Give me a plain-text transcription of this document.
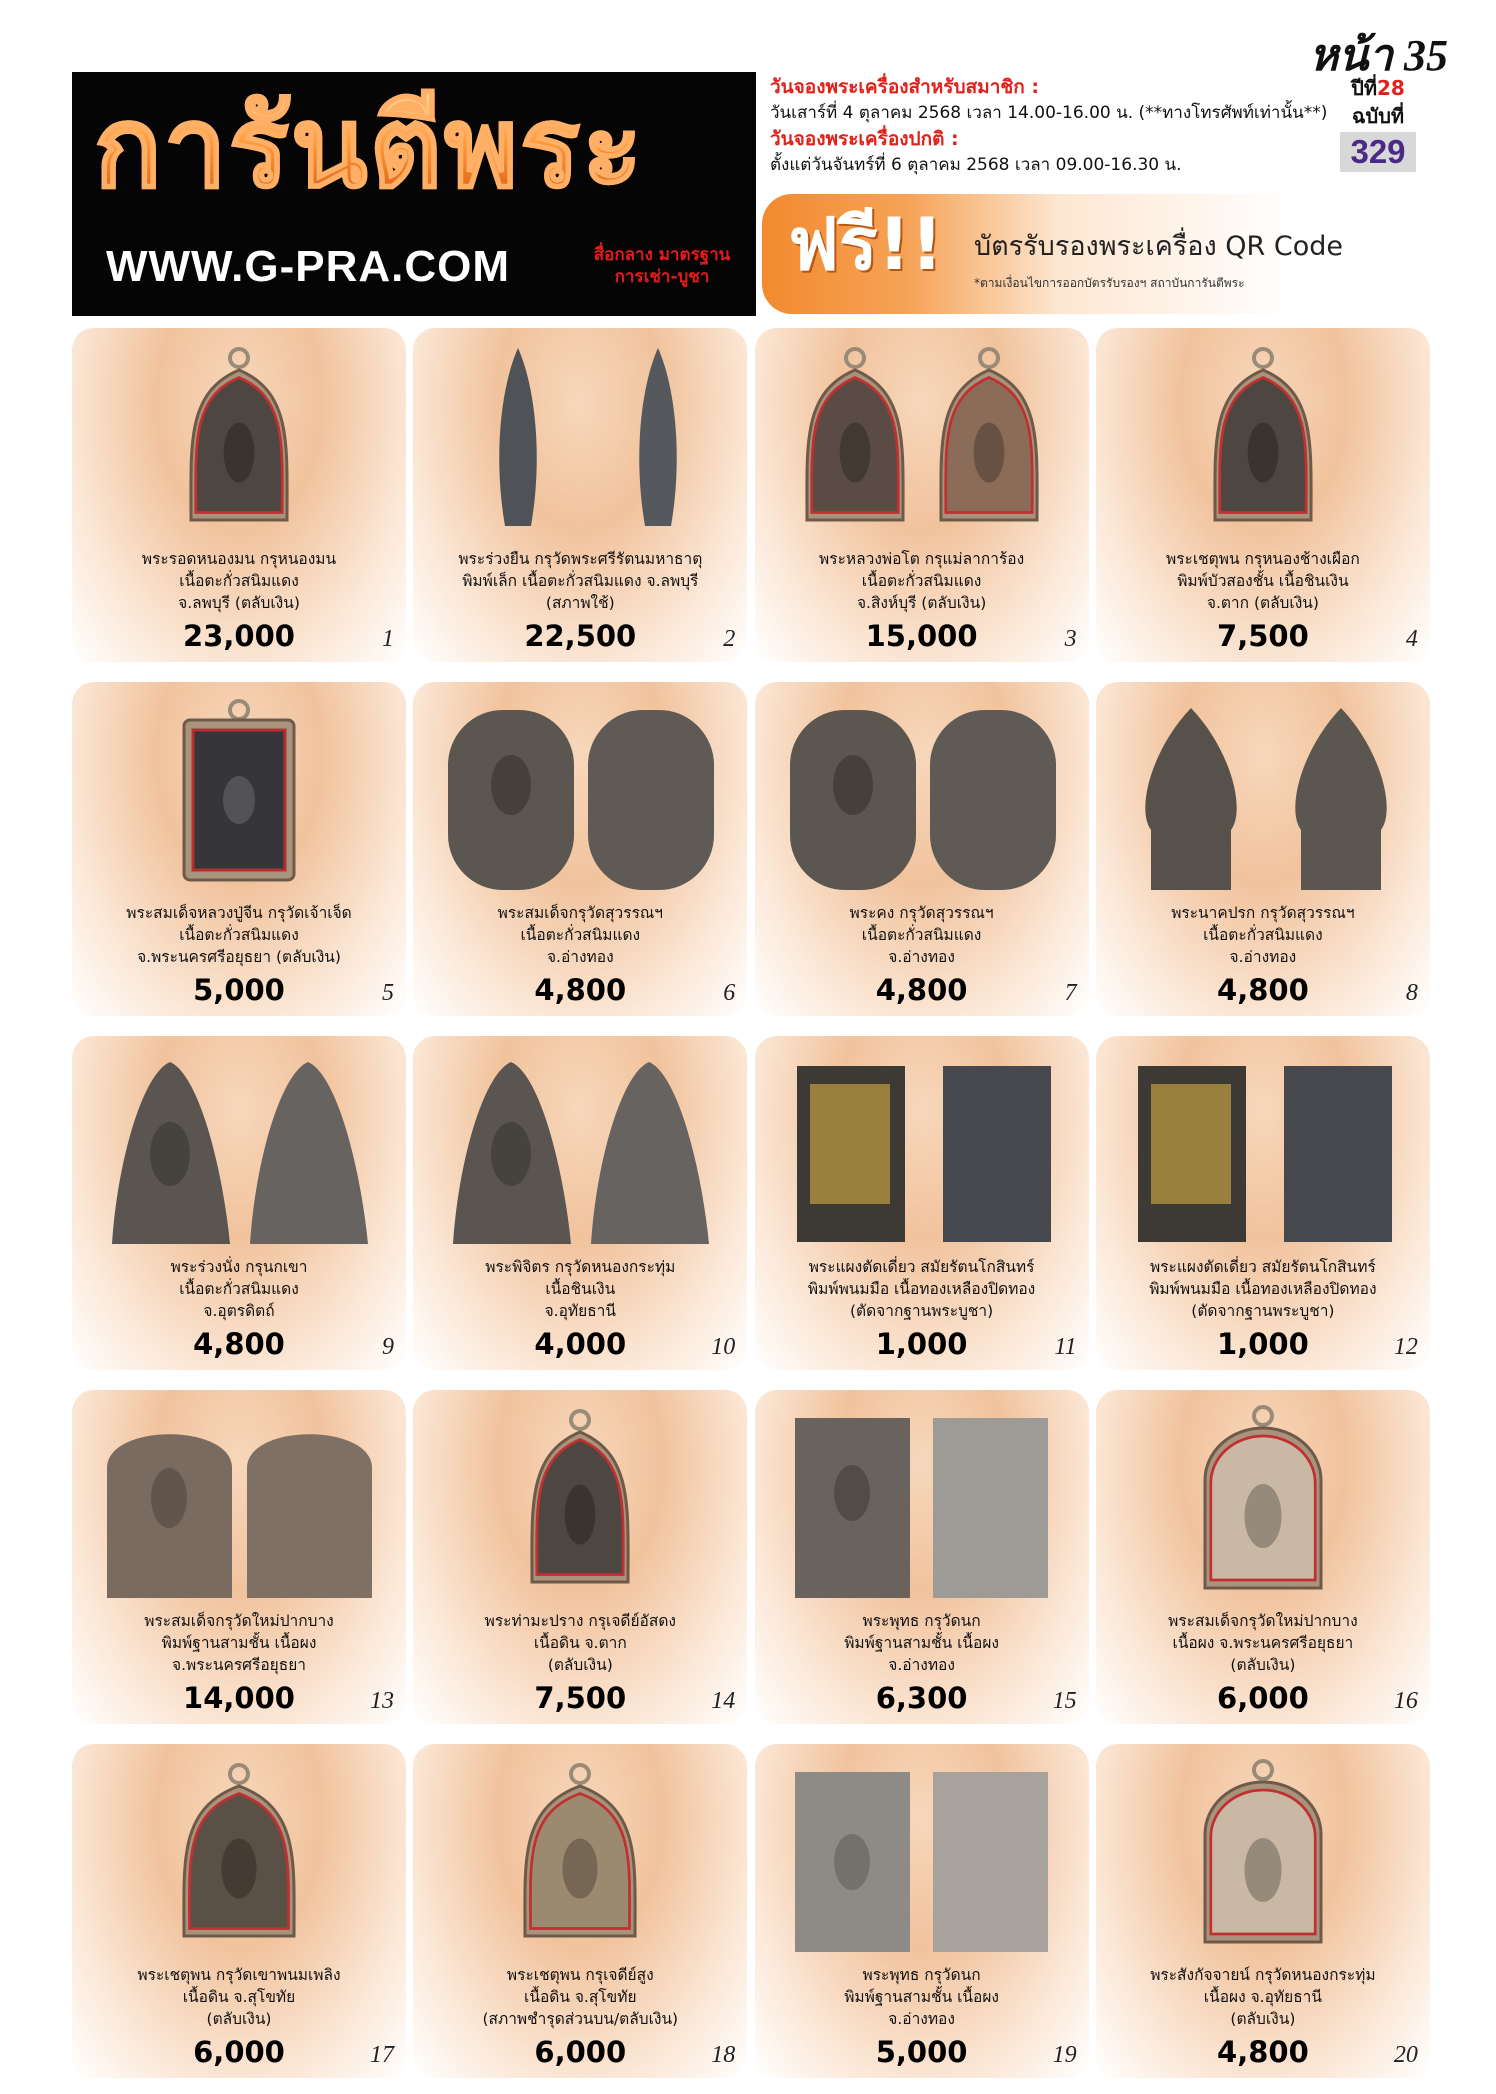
หน้า 35
การันตีพระ
WWW.G-PRA.COM	สื่อกลาง มาตรฐาน
การเช่า-บูชา
วันจองพระเครื่องสำหรับสมาชิก :
วันเสาร์ที่ 4 ตุลาคม 2568 เวลา 14.00-16.00 น. (**ทางโทรศัพท์เท่านั้น**)
วันจองพระเครื่องปกติ :
ตั้งแต่วันจันทร์ที่ 6 ตุลาคม 2568 เวลา 09.00-16.30 น.
ปีที่28
ฉบับที่
329
ฟรี!! บัตรรับรองพระเครื่อง QR Code
*ตามเงื่อนไขการออกบัตรรับรองฯ สถาบันการันตีพระ
พระรอดหนองมน กรุหนองมน
เนื้อตะกั่วสนิมแดง
จ.ลพบุรี (ตลับเงิน)
23,000	1
พระร่วงยืน กรุวัดพระศรีรัตนมหาธาตุ
พิมพ์เล็ก เนื้อตะกั่วสนิมแดง จ.ลพบุรี
(สภาพใช้)
22,500	2
พระหลวงพ่อโต กรุแม่ลาการ้อง
เนื้อตะกั่วสนิมแดง
จ.สิงห์บุรี (ตลับเงิน)
15,000	3
พระเชตุพน กรุหนองช้างเผือก
พิมพ์บัวสองชั้น เนื้อชินเงิน
จ.ตาก (ตลับเงิน)
7,500	4
พระสมเด็จหลวงปู่จีน กรุวัดเจ้าเจ็ด
เนื้อตะกั่วสนิมแดง
จ.พระนครศรีอยุธยา (ตลับเงิน)
5,000	5
พระสมเด็จกรุวัดสุวรรณฯ
เนื้อตะกั่วสนิมแดง
จ.อ่างทอง
4,800	6
พระคง กรุวัดสุวรรณฯ
เนื้อตะกั่วสนิมแดง
จ.อ่างทอง
4,800	7
พระนาคปรก กรุวัดสุวรรณฯ
เนื้อตะกั่วสนิมแดง
จ.อ่างทอง
4,800	8
พระร่วงนั่ง กรุนกเขา
เนื้อตะกั่วสนิมแดง
จ.อุตรดิตถ์
4,800	9
พระพิจิตร กรุวัดหนองกระทุ่ม
เนื้อชินเงิน
จ.อุทัยธานี
4,000	10
พระแผงตัดเดี่ยว สมัยรัตนโกสินทร์
พิมพ์พนมมือ เนื้อทองเหลืองปิดทอง
(ตัดจากฐานพระบูชา)
1,000	11
พระแผงตัดเดี่ยว สมัยรัตนโกสินทร์
พิมพ์พนมมือ เนื้อทองเหลืองปิดทอง
(ตัดจากฐานพระบูชา)
1,000	12
พระสมเด็จกรุวัดใหม่ปากบาง
พิมพ์ฐานสามชั้น เนื้อผง
จ.พระนครศรีอยุธยา
14,000	13
พระท่ามะปราง กรุเจดีย์อัสดง
เนื้อดิน จ.ตาก
(ตลับเงิน)
7,500	14
พระพุทธ กรุวัดนก
พิมพ์ฐานสามชั้น เนื้อผง
จ.อ่างทอง
6,300	15
พระสมเด็จกรุวัดใหม่ปากบาง
เนื้อผง จ.พระนครศรีอยุธยา
(ตลับเงิน)
6,000	16
พระเชตุพน กรุวัดเขาพนมเพลิง
เนื้อดิน จ.สุโขทัย
(ตลับเงิน)
6,000	17
พระเชตุพน กรุเจดีย์สูง
เนื้อดิน จ.สุโขทัย
(สภาพชำรุดส่วนบน/ตลับเงิน)
6,000	18
พระพุทธ กรุวัดนก
พิมพ์ฐานสามชั้น เนื้อผง
จ.อ่างทอง
5,000	19
พระสังกัจจายน์ กรุวัดหนองกระทุ่ม
เนื้อผง จ.อุทัยธานี
(ตลับเงิน)
4,800	20
